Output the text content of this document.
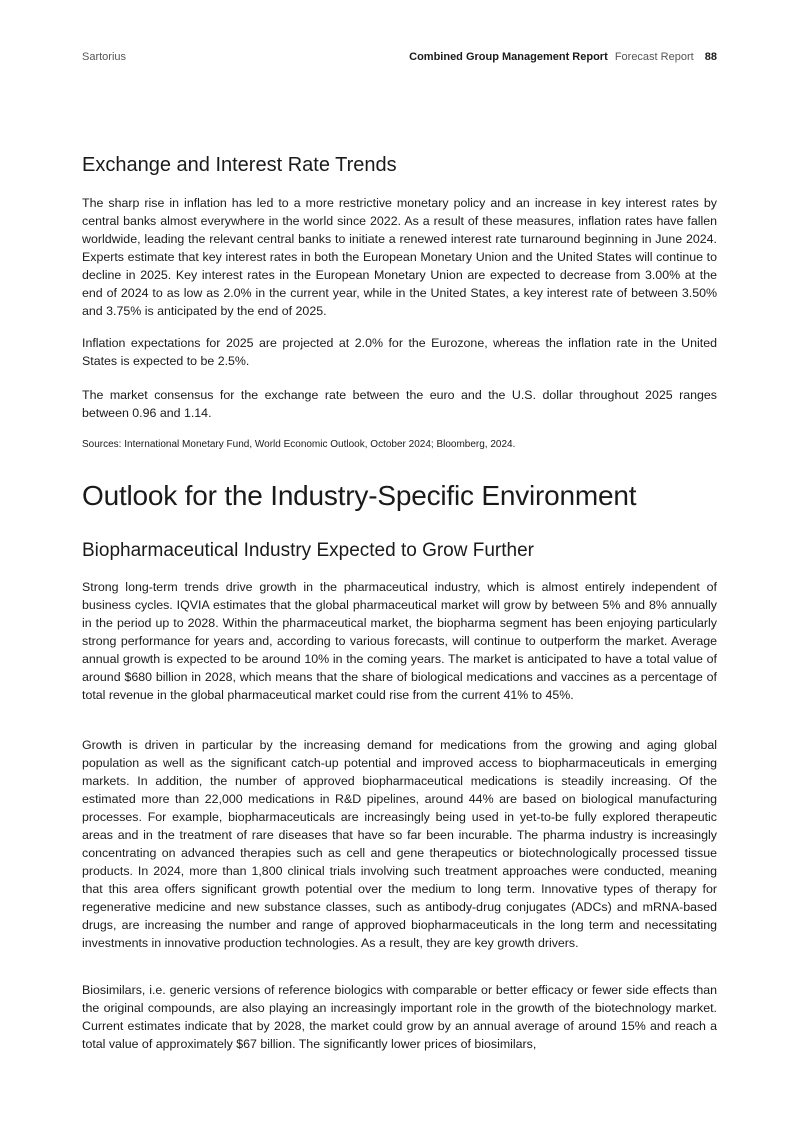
Sartorius	Combined Group Management Report Forecast Report 88
Exchange and Interest Rate Trends

The sharp rise in inflation has led to a more restrictive monetary policy and an increase in key interest rates by central banks almost everywhere in the world since 2022. As a result of these measures, inflation rates have fallen worldwide, leading the relevant central banks to initiate a renewed interest rate turnaround beginning in June 2024. Experts estimate that key interest rates in both the European Monetary Union and the United States will continue to decline in 2025. Key interest rates in the European Monetary Union are expected to decrease from 3.00% at the end of 2024 to as low as 2.0% in the current year, while in the United States, a key interest rate of between 3.50% and 3.75% is anticipated by the end of 2025.

Inflation expectations for 2025 are projected at 2.0% for the Eurozone, whereas the inflation rate in the United States is expected to be 2.5%.

The market consensus for the exchange rate between the euro and the U.S. dollar throughout 2025 ranges between 0.96 and 1.14.

Sources: International Monetary Fund, World Economic Outlook, October 2024; Bloomberg, 2024.

Outlook for the Industry-Specific Environment
Biopharmaceutical Industry Expected to Grow Further

Strong long-term trends drive growth in the pharmaceutical industry, which is almost entirely independent of business cycles. IQVIA estimates that the global pharmaceutical market will grow by between 5% and 8% annually in the period up to 2028. Within the pharmaceutical market, the biopharma segment has been enjoying particularly strong performance for years and, according to various forecasts, will continue to outperform the market. Average annual growth is expected to be around 10% in the coming years. The market is anticipated to have a total value of around $680 billion in 2028, which means that the share of biological medications and vaccines as a percentage of total revenue in the global pharmaceutical market could rise from the current 41% to 45%.

Growth is driven in particular by the increasing demand for medications from the growing and aging global population as well as the significant catch-up potential and improved access to biopharmaceuticals in emerging markets. In addition, the number of approved biopharmaceutical medications is steadily increasing. Of the estimated more than 22,000 medications in R&D pipelines, around 44% are based on biological manufacturing processes. For example, biopharmaceuticals are increasingly being used in yet-to-be fully explored therapeutic areas and in the treatment of rare diseases that have so far been incurable. The pharma industry is increasingly concentrating on advanced therapies such as cell and gene therapeutics or biotechnologically processed tissue products. In 2024, more than 1,800 clinical trials involving such treatment approaches were conducted, meaning that this area offers significant growth potential over the medium to long term. Innovative types of therapy for regenerative medicine and new substance classes, such as antibody-drug conjugates (ADCs) and mRNA-based drugs, are increasing the number and range of approved biopharmaceuticals in the long term and necessitating investments in innovative production technologies. As a result, they are key growth drivers.

Biosimilars, i.e. generic versions of reference biologics with comparable or better efficacy or fewer side effects than the original compounds, are also playing an increasingly important role in the growth of the biotechnology market. Current estimates indicate that by 2028, the market could grow by an annual average of around 15% and reach a total value of approximately $67 billion. The significantly lower prices of biosimilars,
